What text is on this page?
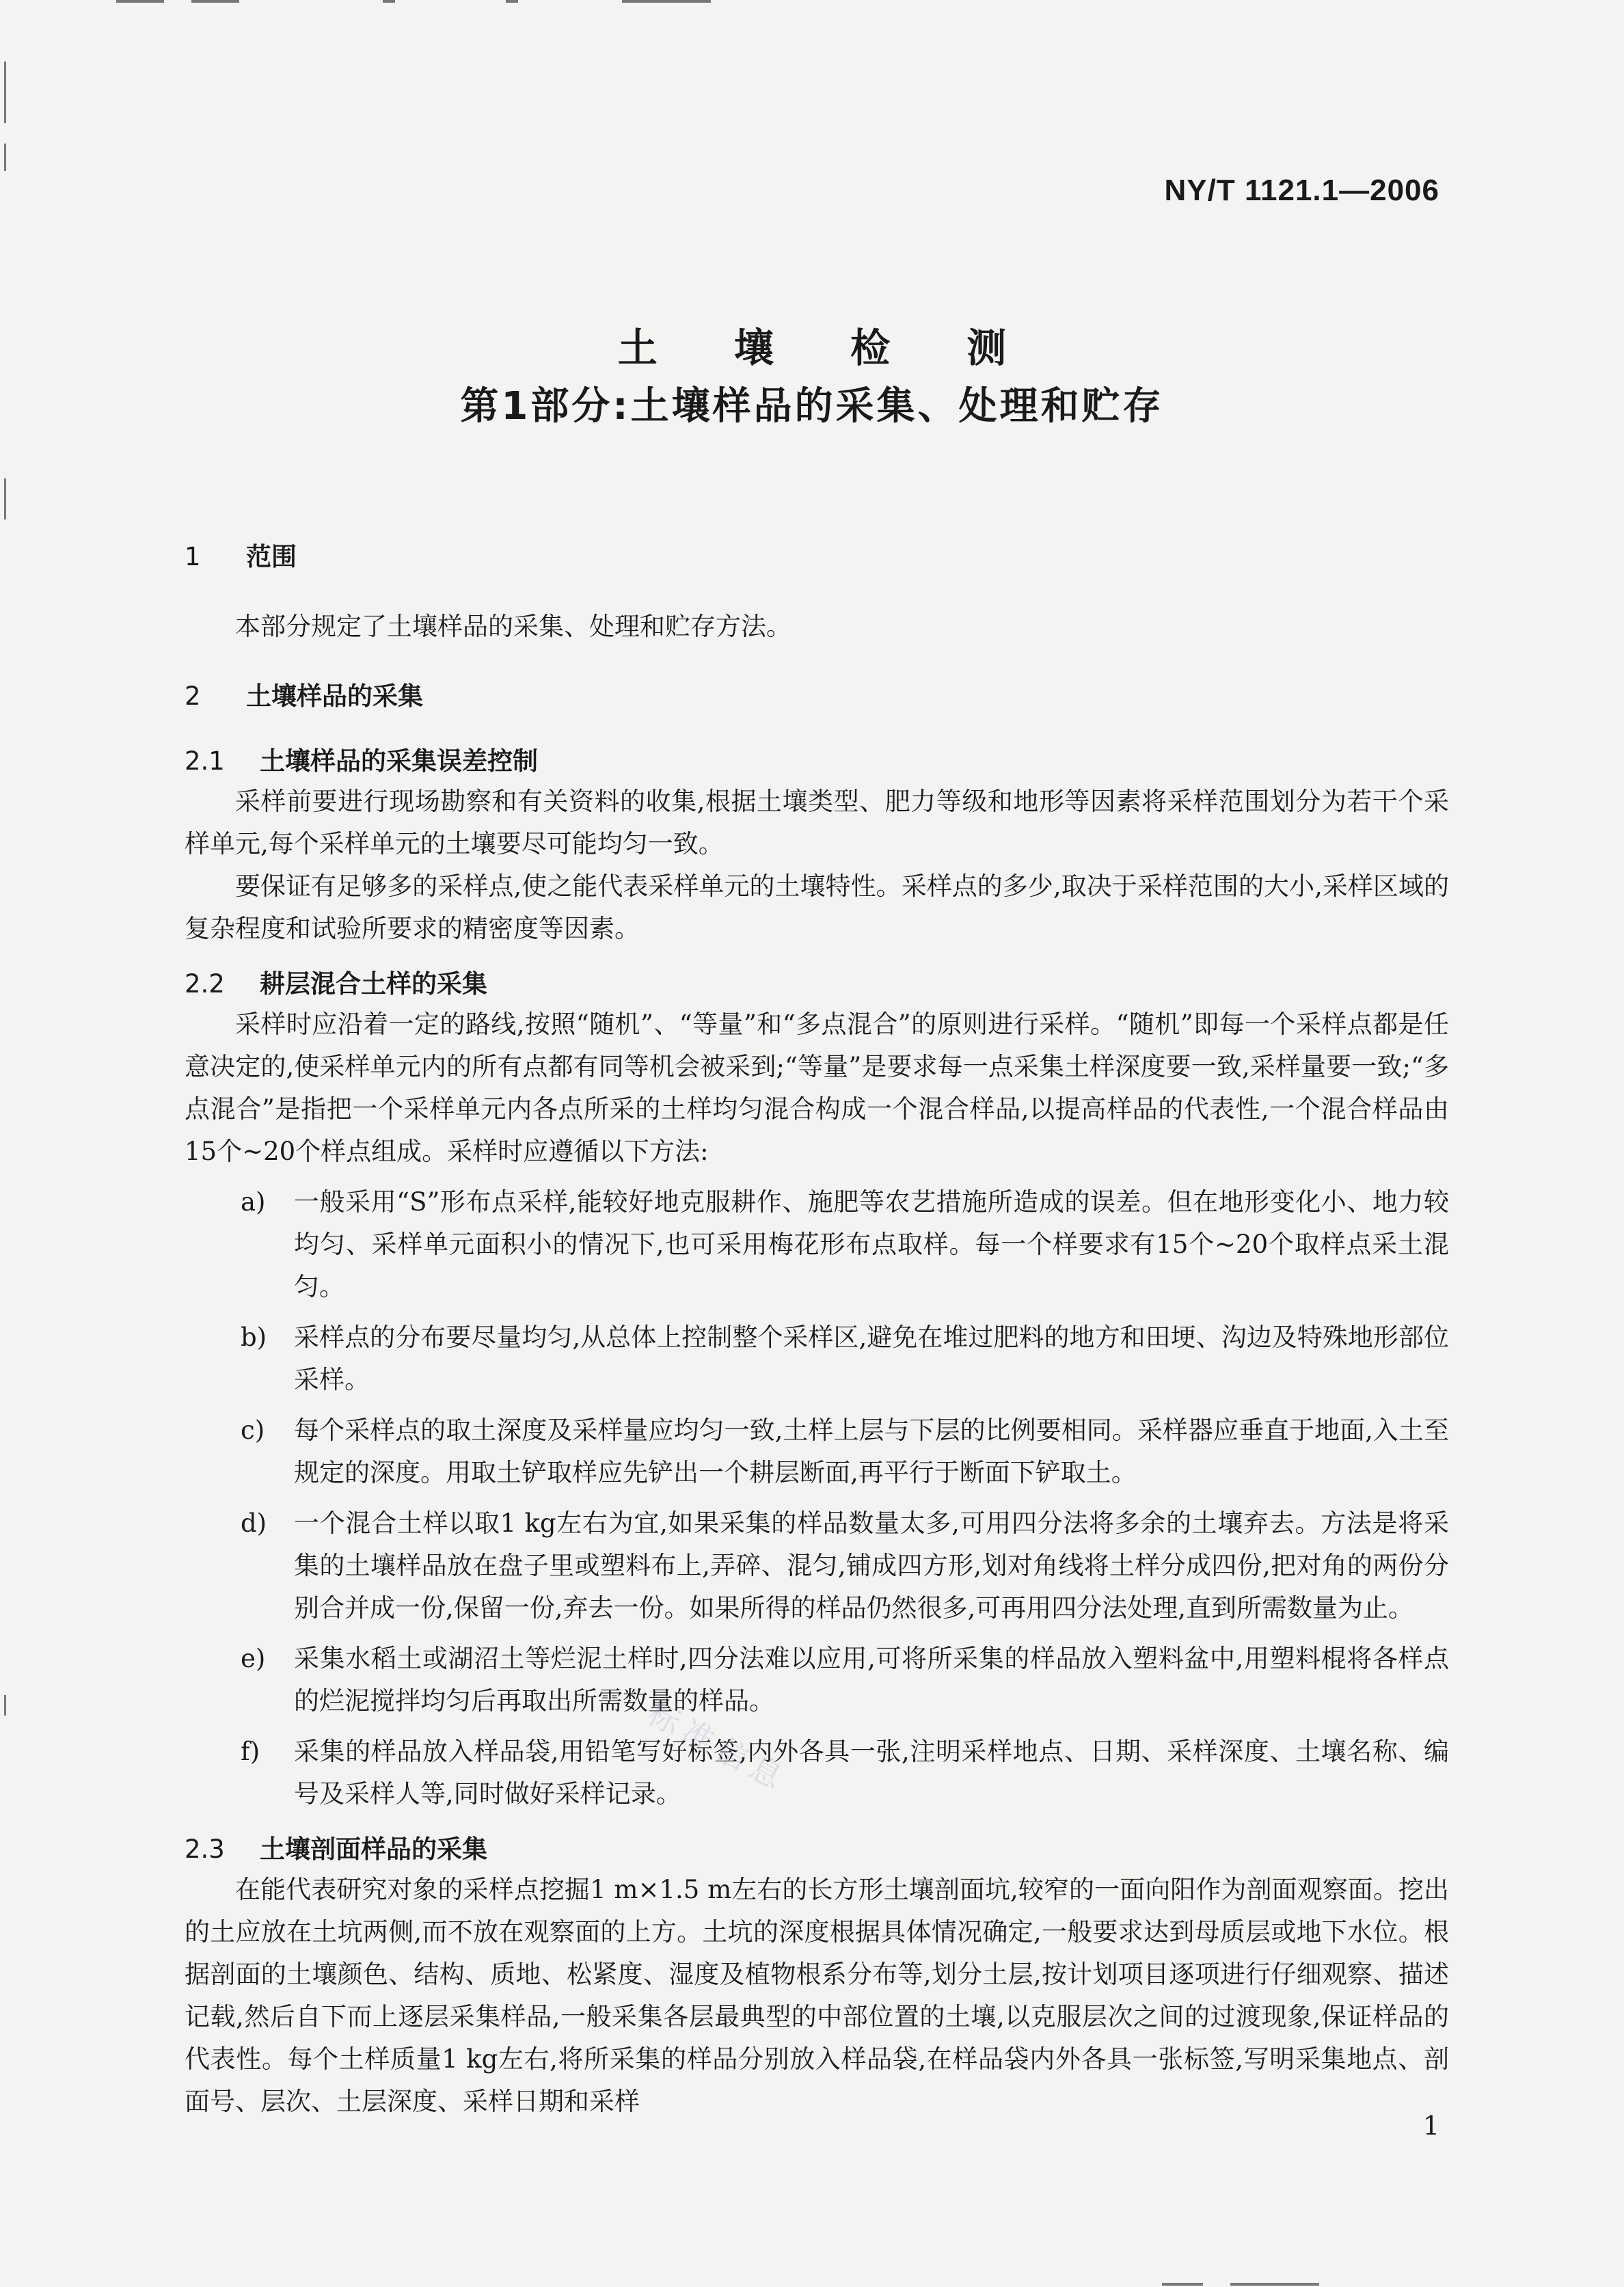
NY/T 1121.1—2006
土 壤 检 测
第1部分:土壤样品的采集、处理和贮存
1 范围

本部分规定了土壤样品的采集、处理和贮存方法。

2 土壤样品的采集
2.1 土壤样品的采集误差控制

采样前要进行现场勘察和有关资料的收集,根据土壤类型、肥力等级和地形等因素将采样范围划分为若干个采样单元,每个采样单元的土壤要尽可能均匀一致。

要保证有足够多的采样点,使之能代表采样单元的土壤特性。采样点的多少,取决于采样范围的大小,采样区域的复杂程度和试验所要求的精密度等因素。

2.2 耕层混合土样的采集

采样时应沿着一定的路线,按照“随机”、“等量”和“多点混合”的原则进行采样。“随机”即每一个采样点都是任意决定的,使采样单元内的所有点都有同等机会被采到;“等量”是要求每一点采集土样深度要一致,采样量要一致;“多点混合”是指把一个采样单元内各点所采的土样均匀混合构成一个混合样品,以提高样品的代表性,一个混合样品由15个~20个样点组成。采样时应遵循以下方法:

a) 一般采用“S”形布点采样,能较好地克服耕作、施肥等农艺措施所造成的误差。但在地形变化小、地力较均匀、采样单元面积小的情况下,也可采用梅花形布点取样。每一个样要求有15个~20个取样点采土混匀。
b) 采样点的分布要尽量均匀,从总体上控制整个采样区,避免在堆过肥料的地方和田埂、沟边及特殊地形部位采样。
c) 每个采样点的取土深度及采样量应均匀一致,土样上层与下层的比例要相同。采样器应垂直于地面,入土至规定的深度。用取土铲取样应先铲出一个耕层断面,再平行于断面下铲取土。
d) 一个混合土样以取1 kg左右为宜,如果采集的样品数量太多,可用四分法将多余的土壤弃去。方法是将采集的土壤样品放在盘子里或塑料布上,弄碎、混匀,铺成四方形,划对角线将土样分成四份,把对角的两份分别合并成一份,保留一份,弃去一份。如果所得的样品仍然很多,可再用四分法处理,直到所需数量为止。
e) 采集水稻土或湖沼土等烂泥土样时,四分法难以应用,可将所采集的样品放入塑料盆中,用塑料棍将各样点的烂泥搅拌均匀后再取出所需数量的样品。
f) 采集的样品放入样品袋,用铅笔写好标签,内外各具一张,注明采样地点、日期、采样深度、土壤名称、编号及采样人等,同时做好采样记录。
2.3 土壤剖面样品的采集

在能代表研究对象的采样点挖掘1 m×1.5 m左右的长方形土壤剖面坑,较窄的一面向阳作为剖面观察面。挖出的土应放在土坑两侧,而不放在观察面的上方。土坑的深度根据具体情况确定,一般要求达到母质层或地下水位。根据剖面的土壤颜色、结构、质地、松紧度、湿度及植物根系分布等,划分土层,按计划项目逐项进行仔细观察、描述记载,然后自下而上逐层采集样品,一般采集各层最典型的中部位置的土壤,以克服层次之间的过渡现象,保证样品的代表性。每个土样质量1 kg左右,将所采集的样品分别放入样品袋,在样品袋内外各具一张标签,写明采集地点、剖面号、层次、土层深度、采样日期和采样

标准信息
1
